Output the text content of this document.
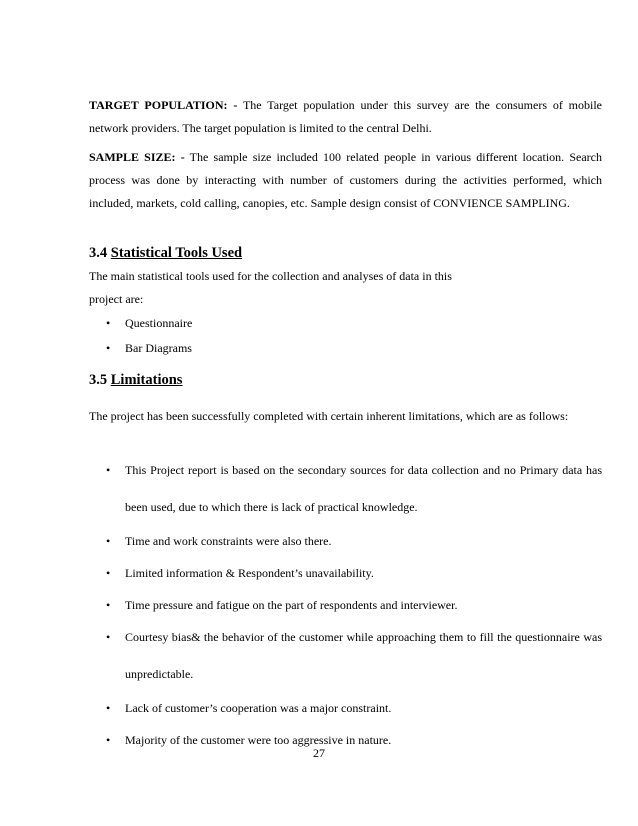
TARGET POPULATION: - The Target population under this survey are the consumers of mobile network providers. The target population is limited to the central Delhi.

SAMPLE SIZE: - The sample size included 100 related people in various different location. Search process was done by interacting with number of customers during the activities performed, which included, markets, cold calling, canopies, etc. Sample design consist of CONVIENCE SAMPLING.

3.4 Statistical Tools Used

The main statistical tools used for the collection and analyses of data in this

project are:

• Questionnaire
• Bar Diagrams

3.5 Limitations

The project has been successfully completed with certain inherent limitations, which are as follows:

• This Project report is based on the secondary sources for data collection and no Primary data has been used, due to which there is lack of practical knowledge.
• Time and work constraints were also there.
• Limited information & Respondent’s unavailability.
• Time pressure and fatigue on the part of respondents and interviewer.
• Courtesy bias& the behavior of the customer while approaching them to fill the questionnaire was unpredictable.
• Lack of customer’s cooperation was a major constraint.
• Majority of the customer were too aggressive in nature.
27
